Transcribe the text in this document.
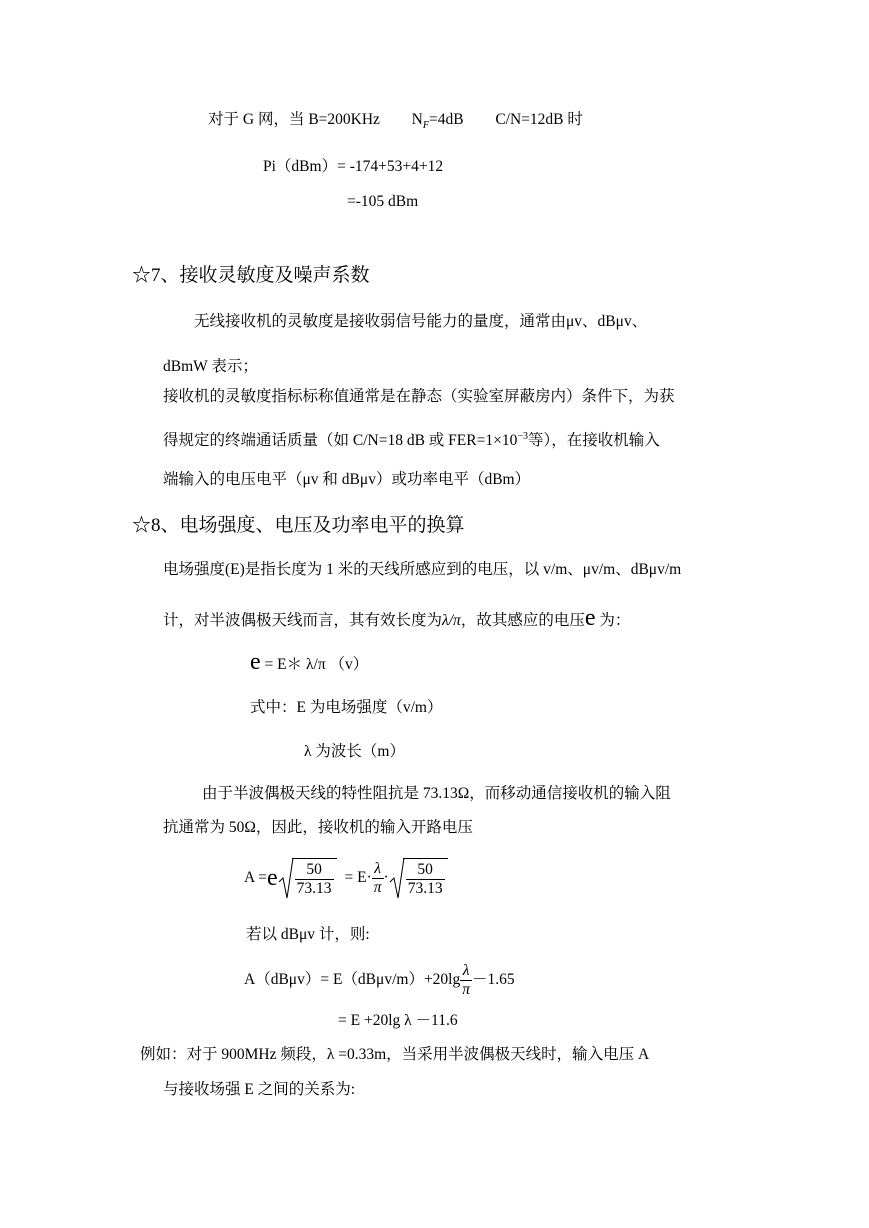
对于 G 网，当 B=200KHz $N_F=4dB$ C/N=12dB 时
Pi（dBm）= -174+53+4+12
=-105 dBm
☆7、接收灵敏度及噪声系数
无线接收机的灵敏度是接收弱信号能力的量度，通常由μv、dBμv、
dBmW 表示；
接收机的灵敏度指标标称值通常是在静态（实验室屏蔽房内）条件下，为获
得规定的终端通话质量（如 C/N=18 dB 或 $FER=1\times 10^{-3}$等），在接收机输入
端输入的电压电平（μv 和 dBμv）或功率电平（dBm）
☆8、电场强度、电压及功率电平的换算
电场强度(E)是指长度为 1 米的天线所感应到的电压，以 v/m、μv/m、dBμv/m
计，对半波偶极天线而言，其有效长度为λ/π，故其感应的电压e 为：
e = E＊ λ/π （v）
式中：E 为电场强度（v/m）
λ 为波长（m）
由于半波偶极天线的特性阻抗是 73.13Ω，而移动通信接收机的输入阻
抗通常为 50Ω，因此，接收机的输入开路电压
A = e $\frac{50}{73.13} = E\cdot \frac{\lambda}{\pi} \cdot \frac{50}{73.13}$
若以 dBμv 计，则:
$A(dB\mu v)= E(dB\mu v/m)+20\lg \frac{\lambda}{\pi} -1.65$
= E +20lg λ －11.6
例如：对于 900MHz 频段，λ =0.33m，当采用半波偶极天线时，输入电压 A
与接收场强 E 之间的关系为:
